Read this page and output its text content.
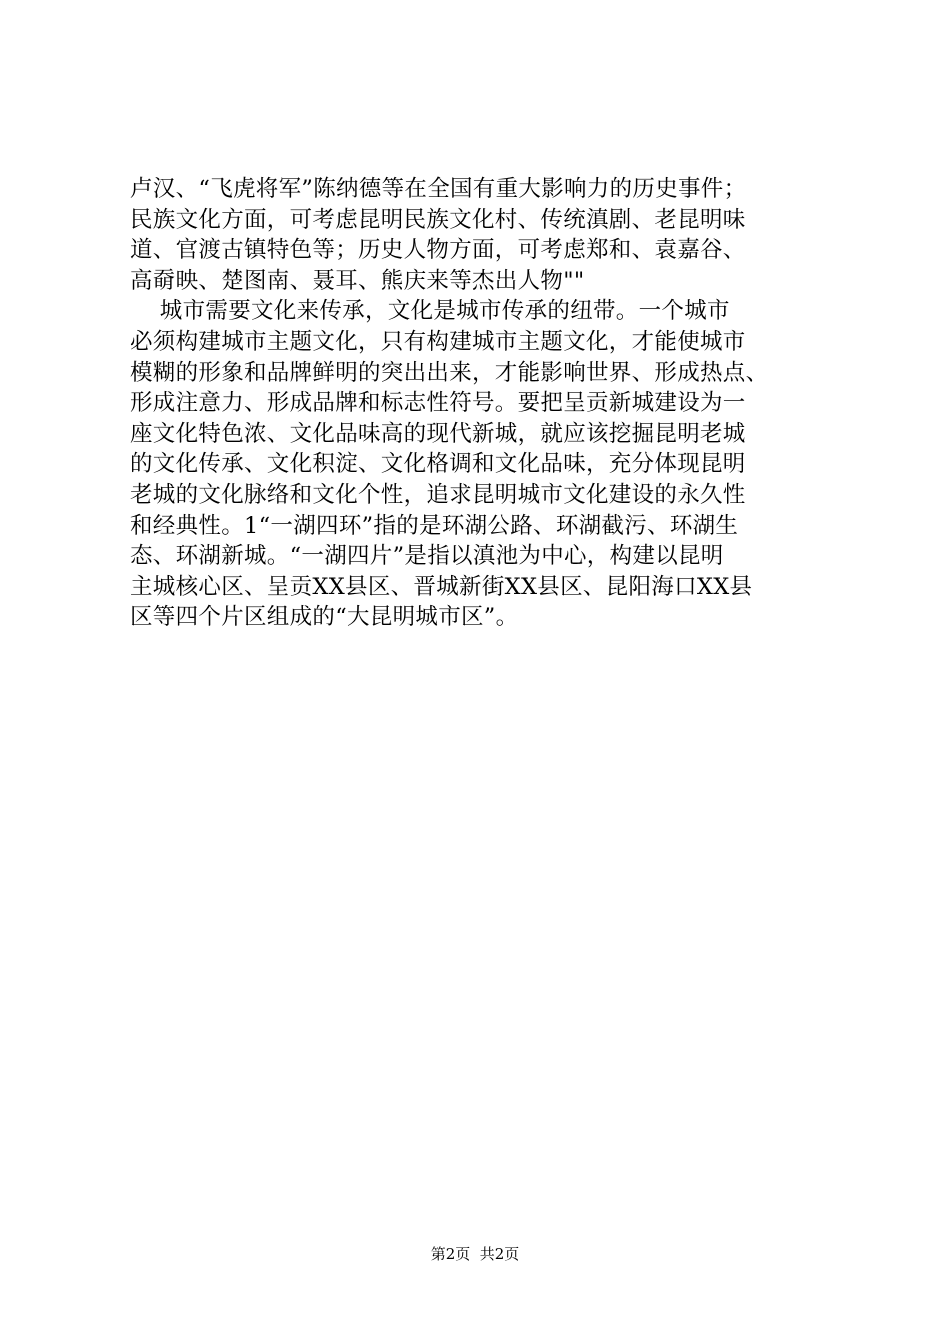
卢汉、“飞虎将军”陈纳德等在全国有重大影响力的历史事件；
民族文化方面，可考虑昆明民族文化村、传统滇剧、老昆明味
道、官渡古镇特色等；历史人物方面，可考虑郑和、袁嘉谷、
高奣映、楚图南、聂耳、熊庆来等杰出人物""
城市需要文化来传承，文化是城市传承的纽带。一个城市
必须构建城市主题文化，只有构建城市主题文化，才能使城市
模糊的形象和品牌鲜明的突出出来，才能影响世界、形成热点、
形成注意力、形成品牌和标志性符号。要把呈贡新城建设为一
座文化特色浓、文化品味高的现代新城，就应该挖掘昆明老城
的文化传承、文化积淀、文化格调和文化品味，充分体现昆明
老城的文化脉络和文化个性，追求昆明城市文化建设的永久性
和经典性。1“一湖四环”指的是环湖公路、环湖截污、环湖生
态、环湖新城。“一湖四片”是指以滇池为中心，构建以昆明
主城核心区、呈贡XX县区、晋城新街XX县区、昆阳海口XX县
区等四个片区组成的“大昆明城市区”。
第2页  共2页
